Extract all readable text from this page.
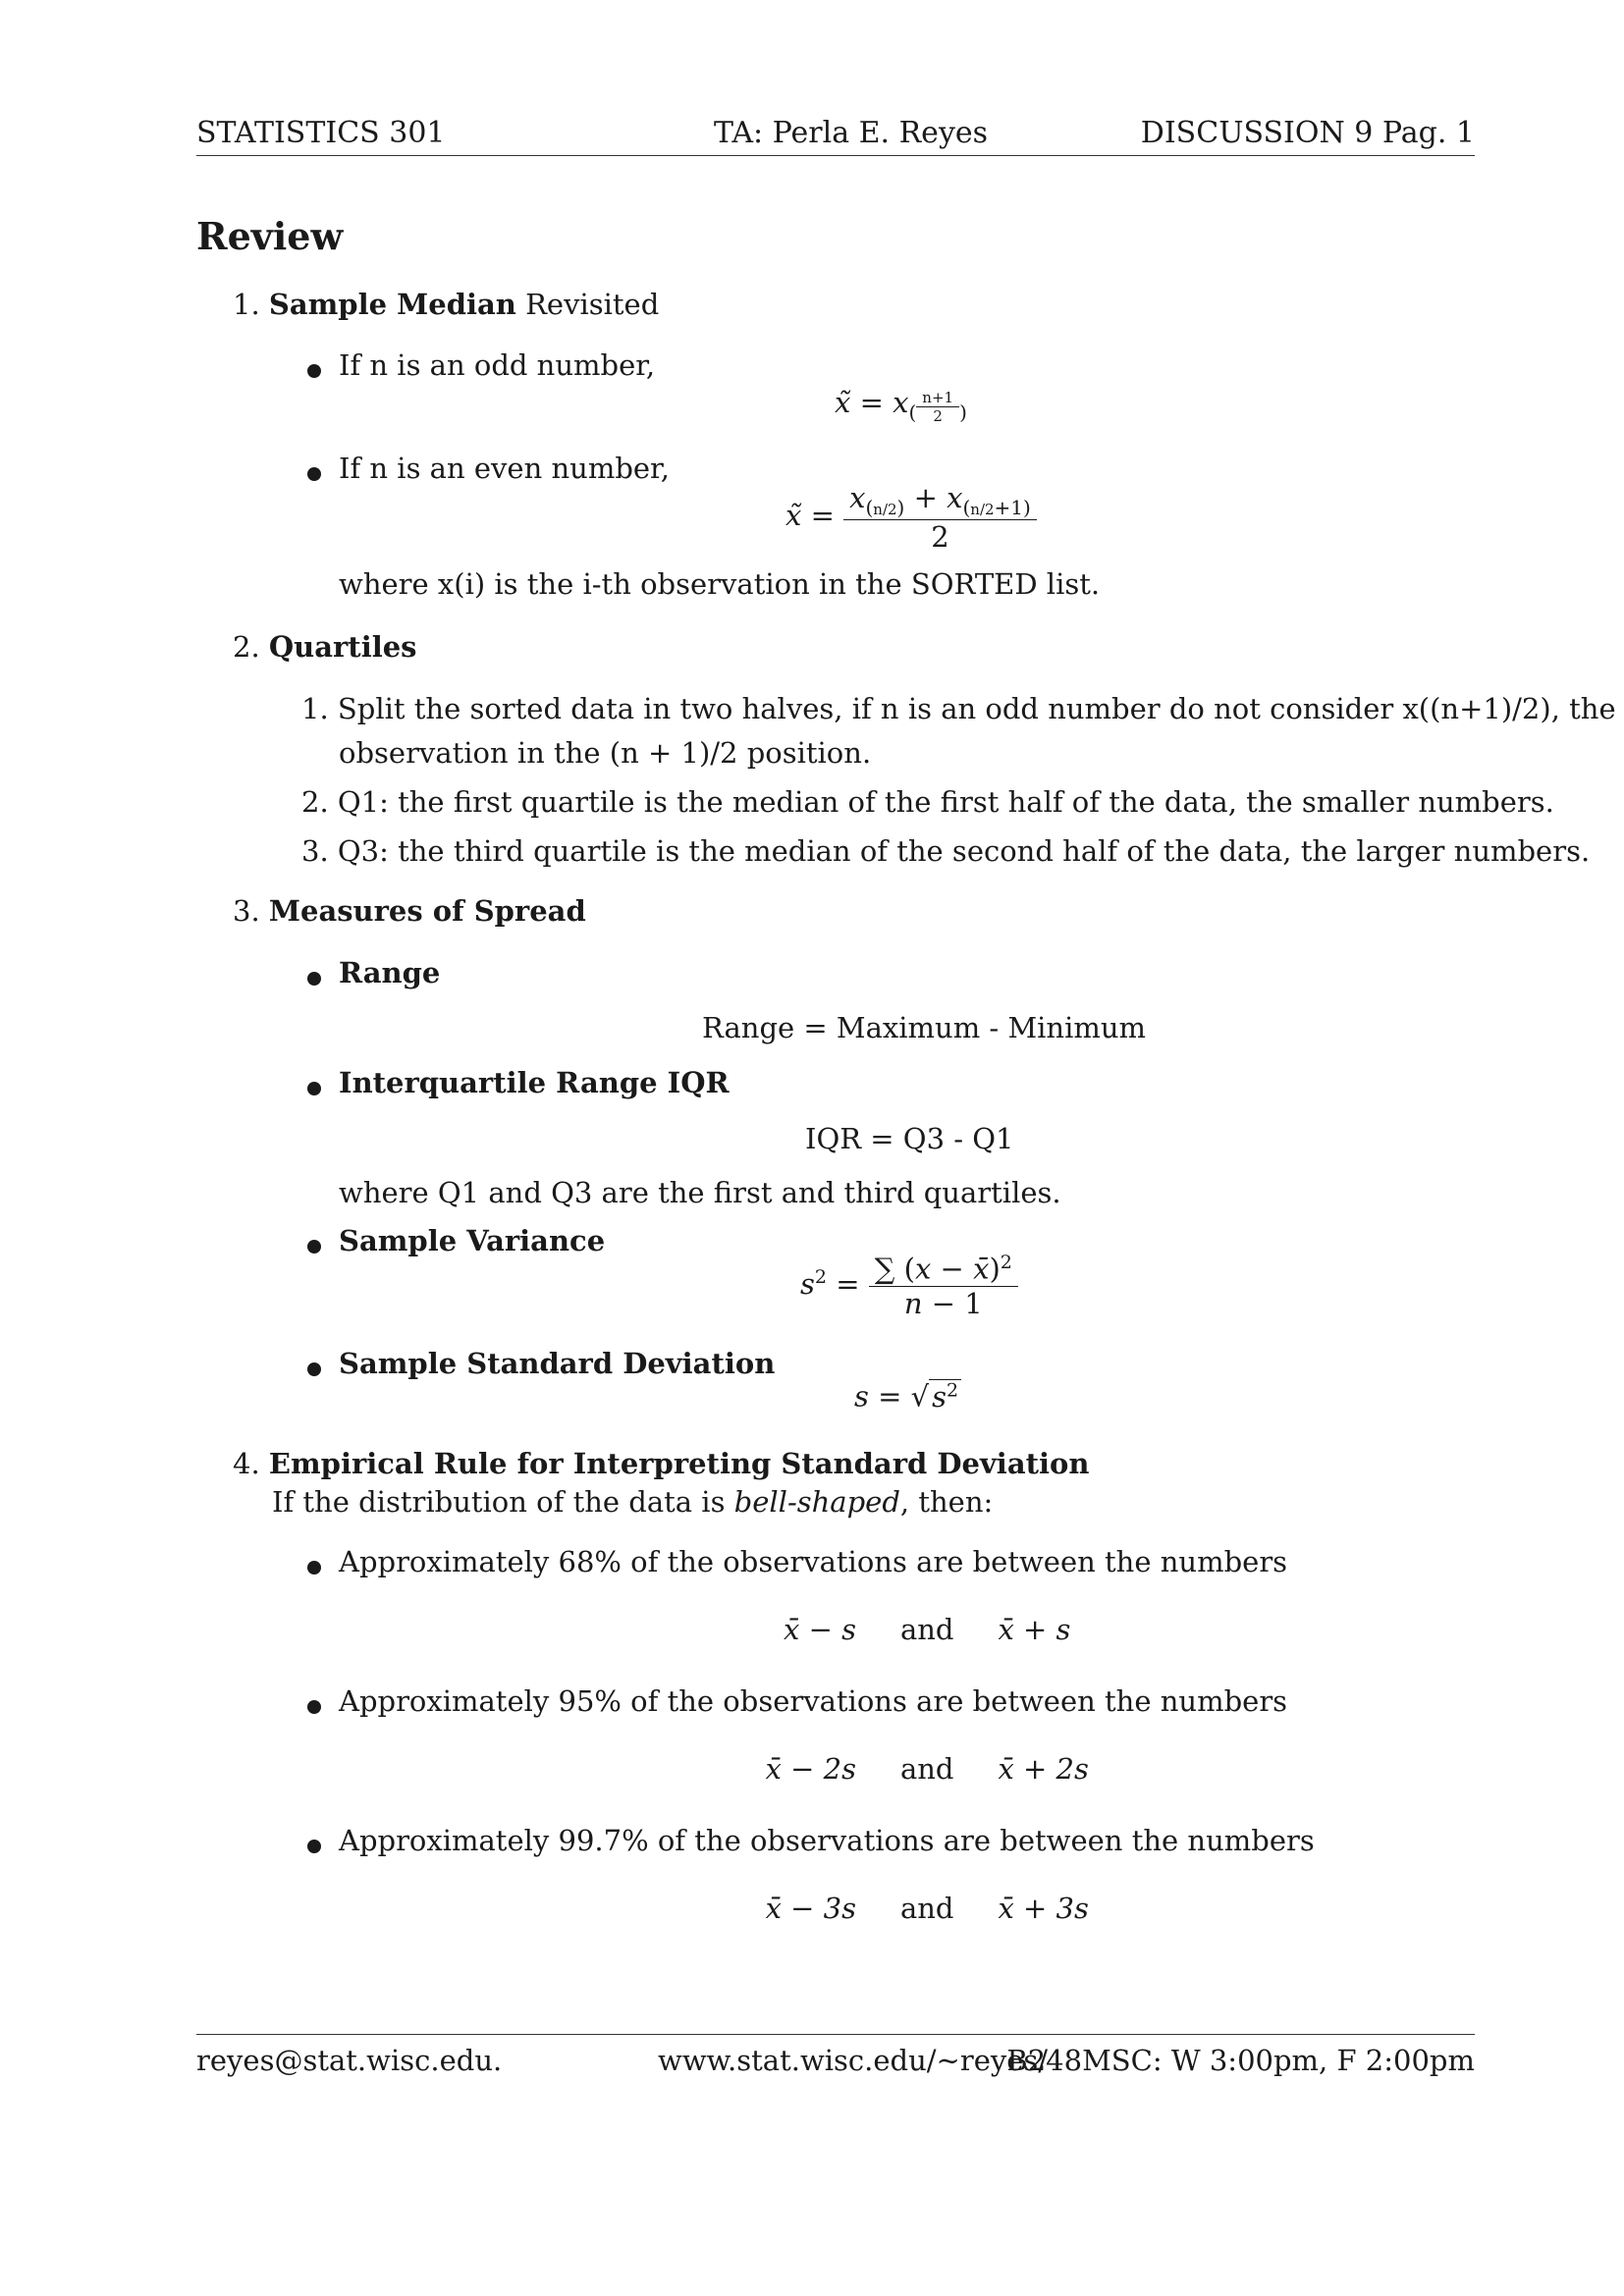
STATISTICS 301	TA: Perla E. Reyes	DISCUSSION 9 Pag. 1
Review
1. Sample Median Revisited
If n is an odd number,
x̃ = $x_{( \frac{n+1}{2} )}$
If n is an even number,
x̃ = $\frac{x_{(n/2)} + x_{(n/2+1)}}{2}$
where x(i) is the i-th observation in the SORTED list.
2. Quartiles
1. Split the sorted data in two halves, if n is an odd number do not consider x((n+1)/2), the
observation in the (n + 1)/2 position.
2. Q1: the first quartile is the median of the first half of the data, the smaller numbers.
3. Q3: the third quartile is the median of the second half of the data, the larger numbers.
3. Measures of Spread
Range
Range = Maximum - Minimum
Interquartile Range IQR
IQR = Q3 - Q1
where Q1 and Q3 are the first and third quartiles.
Sample Variance
$s^2 = \frac{\sum (x - x̄)^2}{n - 1}$
Sample Standard Deviation
s = √ $s^2$
4. Empirical Rule for Interpreting Standard Deviation
If the distribution of the data is bell-shaped, then:
Approximately 68% of the observations are between the numbers
x̄ − s and x̄ + s
Approximately 95% of the observations are between the numbers
x̄ − 2s and x̄ + 2s
Approximately 99.7% of the observations are between the numbers
x̄ − 3s and x̄ + 3s
reyes@stat.wisc.edu.	www.stat.wisc.edu/∼reyes/
B248MSC: W 3:00pm, F 2:00pm
